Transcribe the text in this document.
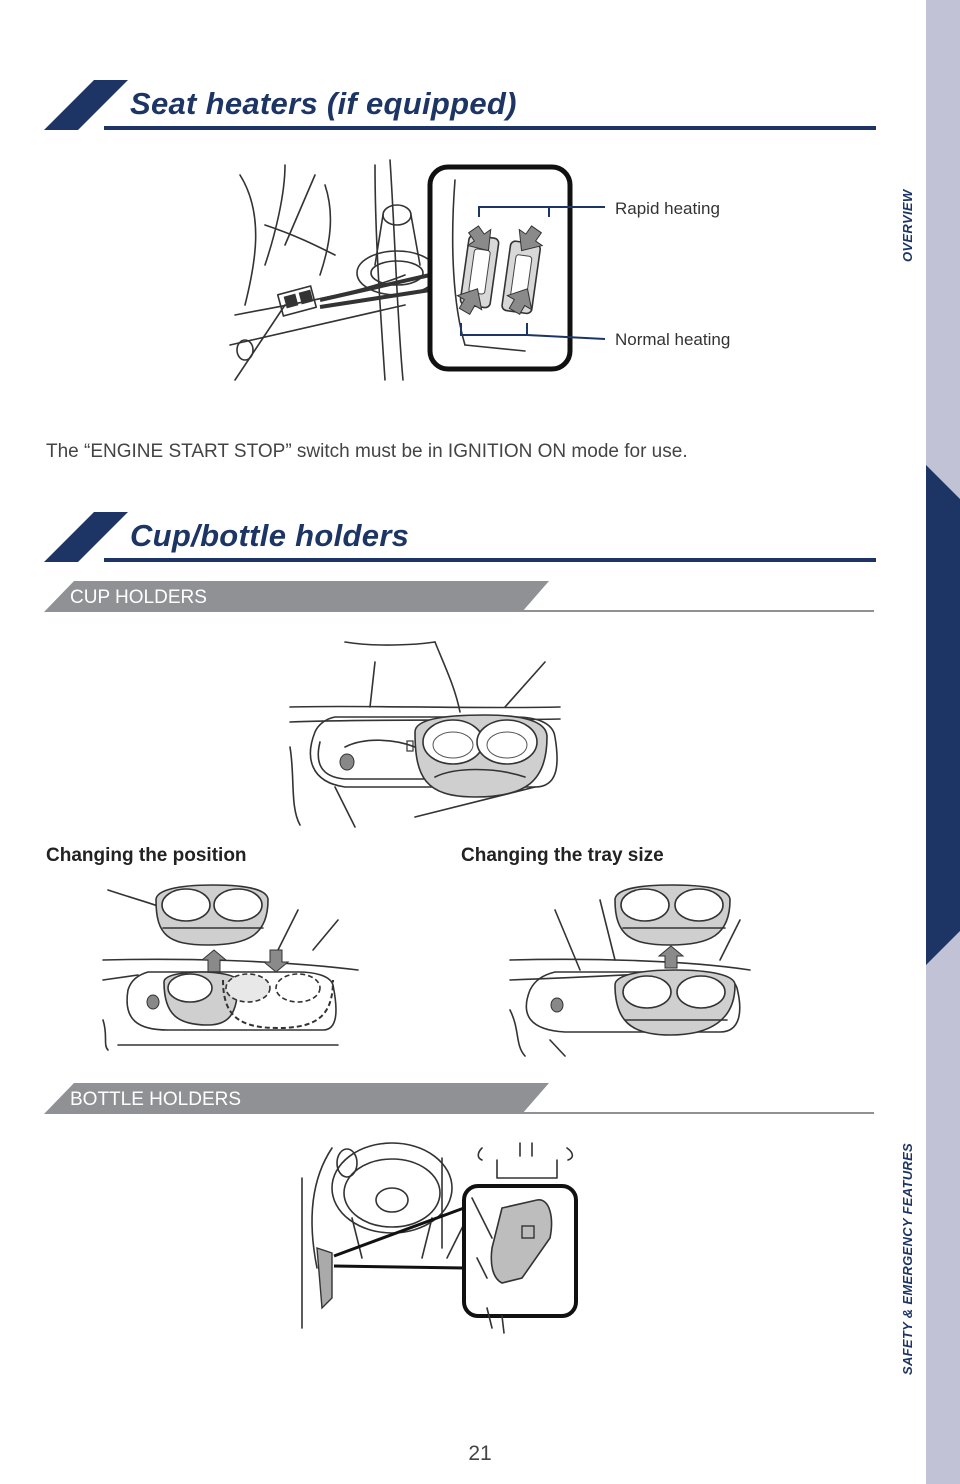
Seat heaters (if equipped)
Rapid heating
Normal heating
The “ENGINE START STOP” switch must be in IGNITION ON mode for use.
Cup/bottle holders
CUP HOLDERS
Changing the position	Changing the tray size
BOTTLE HOLDERS
OVERVIEW
FEATURES & OPERATIONS
SAFETY & EMERGENCY FEATURES
21
